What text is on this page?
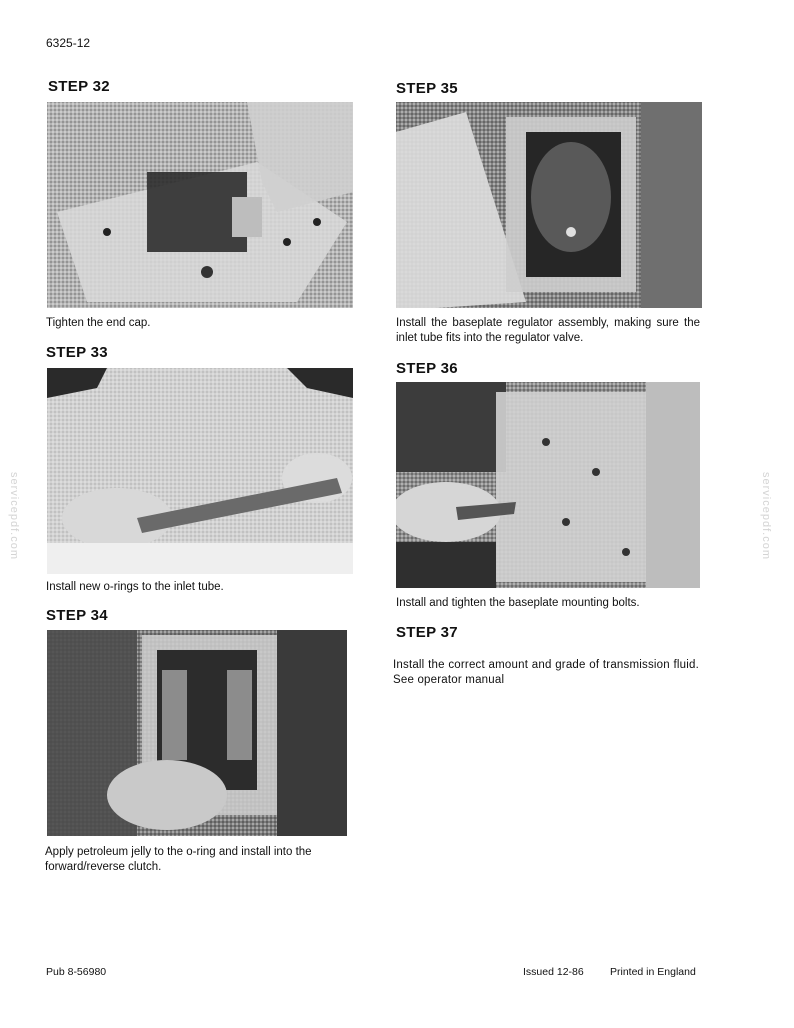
6325-12
STEP 32
Tighten the end cap.
STEP 33
Install new o-rings to the inlet tube.
STEP 34
Apply petroleum jelly to the o-ring and install into the forward/reverse clutch.
STEP 35
Install the baseplate regulator assembly, making sure the inlet tube fits into the regulator valve.
STEP 36
Install and tighten the baseplate mounting bolts.
STEP 37
Install the correct amount and grade of transmission fluid. See operator manual
servicepdf.com	servicepdf.com
Pub 8-56980	Issued 12-86	Printed in England
